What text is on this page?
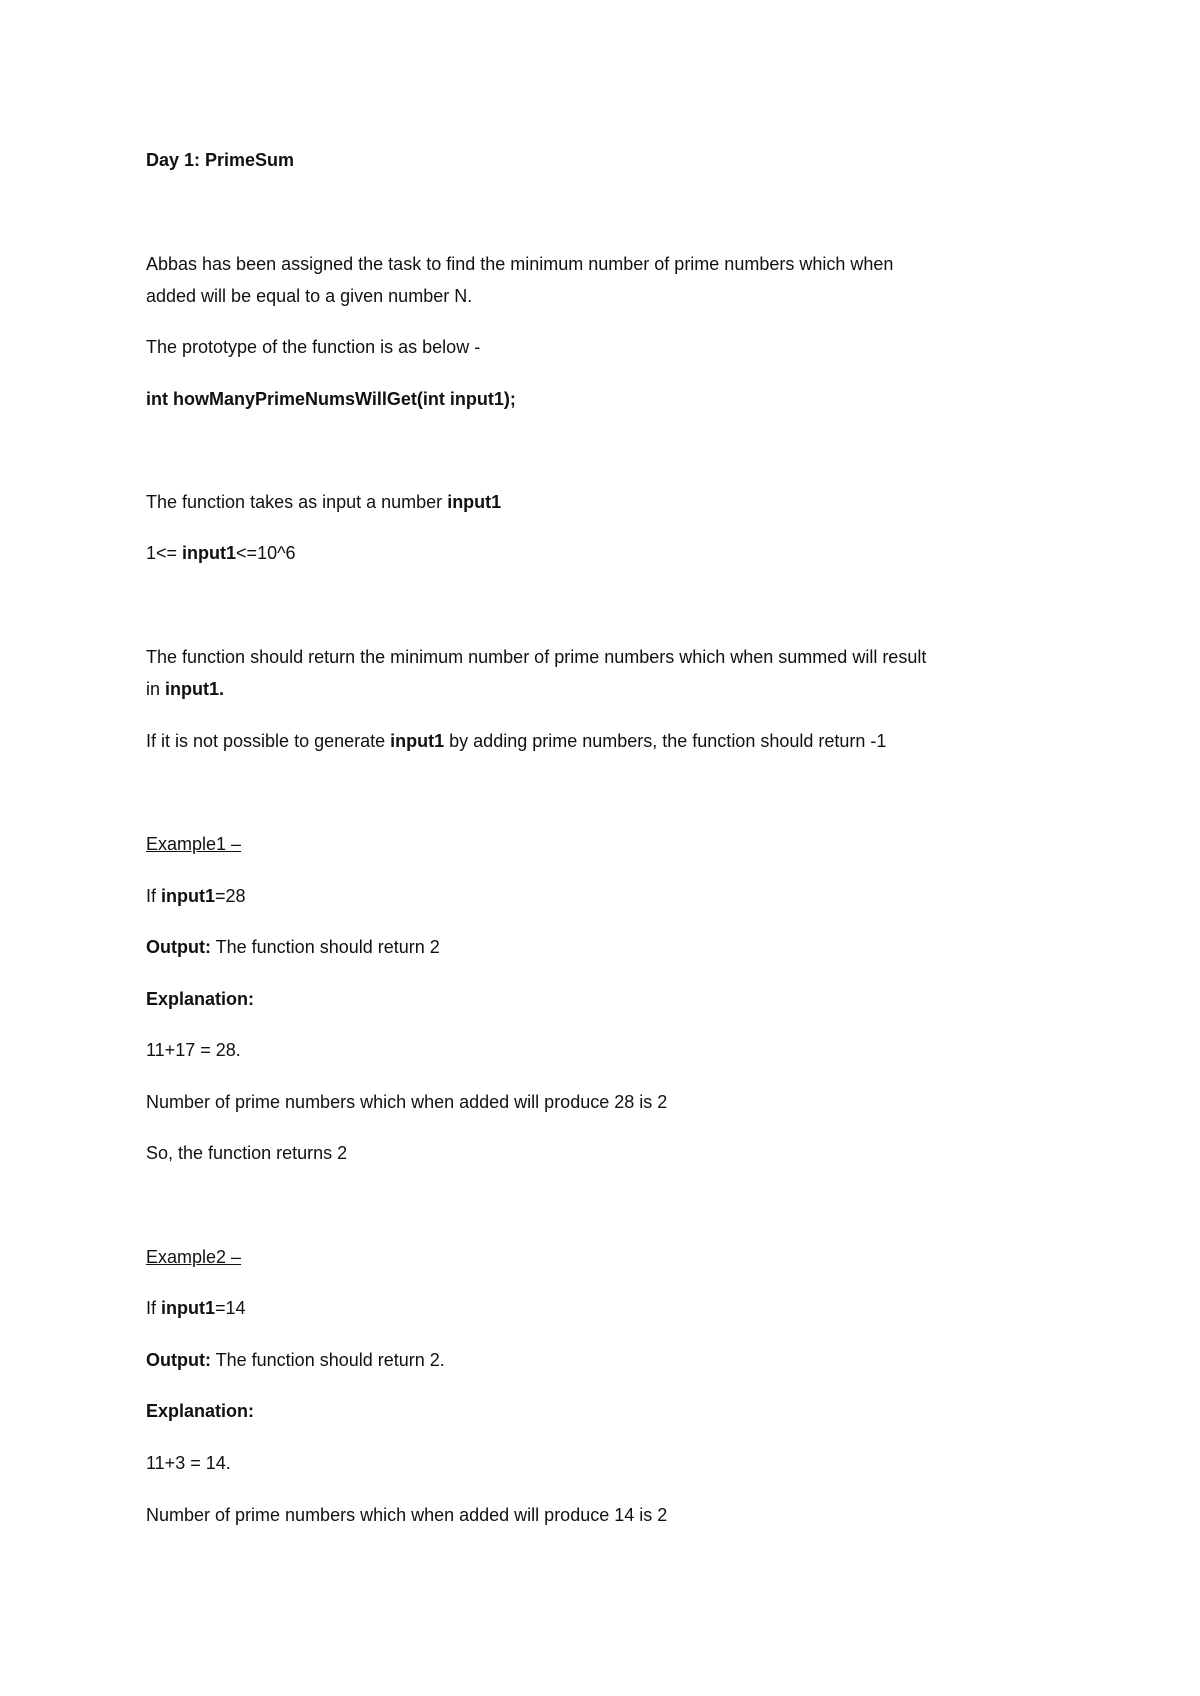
Day 1: PrimeSum

Abbas has been assigned the task to find the minimum number of prime numbers which when

added will be equal to a given number N.

The prototype of the function is as below -

int howManyPrimeNumsWillGet(int input1);

The function takes as input a number input1

1<= input1<=10^6

The function should return the minimum number of prime numbers which when summed will result

in input1.

If it is not possible to generate input1 by adding prime numbers, the function should return -1

Example1 –

If input1=28

Output: The function should return 2

Explanation:

11+17 = 28.

Number of prime numbers which when added will produce 28 is 2

So, the function returns 2

Example2 –

If input1=14

Output: The function should return 2.

Explanation:

11+3 = 14.

Number of prime numbers which when added will produce 14 is 2
